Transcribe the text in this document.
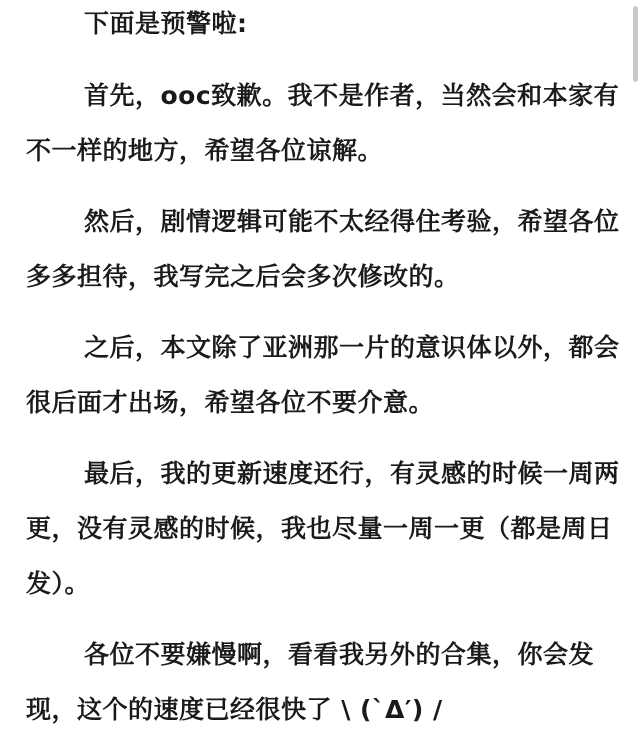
下面是预警啦:

首先，ooc致歉。我不是作者，当然会和本家有不一样的地方，希望各位谅解。

然后，剧情逻辑可能不太经得住考验，希望各位多多担待，我写完之后会多次修改的。

之后，本文除了亚洲那一片的意识体以外，都会很后面才出场，希望各位不要介意。

最后，我的更新速度还行，有灵感的时候一周两更，没有灵感的时候，我也尽量一周一更（都是周日发）。

各位不要嫌慢啊，看看我另外的合集，你会发现，这个的速度已经很快了 \ (`Δ′) /
